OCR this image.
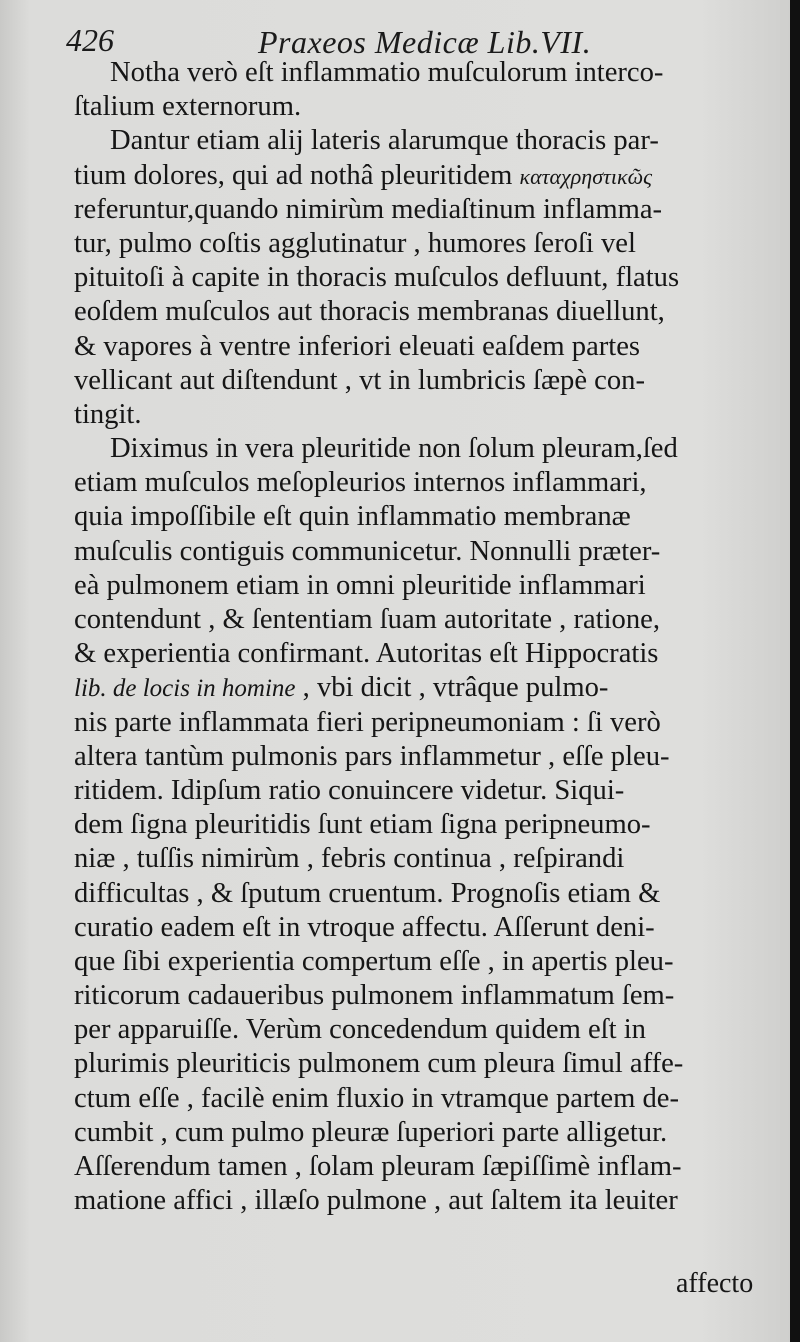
426	Praxeos Medicæ Lib.VII.
Notha verò eſt inflammatio muſculorum interco-
ſtalium externorum.
Dantur etiam alij lateris alarumque thoracis par-
tium dolores, qui ad nothâ pleuritidem καταχρηστικῶς
referuntur,quando nimirùm mediaſtinum inflamma-
tur, pulmo coſtis agglutinatur , humores ſeroſi vel
pituitoſi à capite in thoracis muſculos defluunt, flatus
eoſdem muſculos aut thoracis membranas diuellunt,
& vapores à ventre inferiori eleuati eaſdem partes
vellicant aut diſtendunt , vt in lumbricis ſæpè con-
tingit.
Diximus in vera pleuritide non ſolum pleuram,ſed
etiam muſculos meſopleurios internos inflammari,
quia impoſſibile eſt quin inflammatio membranæ
muſculis contiguis communicetur. Nonnulli præter-
eà pulmonem etiam in omni pleuritide inflammari
contendunt , & ſententiam ſuam autoritate , ratione,
& experientia confirmant. Autoritas eſt Hippocratis
lib. de locis in homine , vbi dicit , vtrâque pulmo-
nis parte inflammata fieri peripneumoniam : ſi verò
altera tantùm pulmonis pars inflammetur , eſſe pleu-
ritidem. Idipſum ratio conuincere videtur. Siqui-
dem ſigna pleuritidis ſunt etiam ſigna peripneumo-
niæ , tuſſis nimirùm , febris continua , reſpirandi
difficultas , & ſputum cruentum. Prognoſis etiam &
curatio eadem eſt in vtroque affectu. Aſſerunt deni-
que ſibi experientia compertum eſſe , in apertis pleu-
riticorum cadaueribus pulmonem inflammatum ſem-
per apparuiſſe. Verùm concedendum quidem eſt in
plurimis pleuriticis pulmonem cum pleura ſimul affe-
ctum eſſe , facilè enim fluxio in vtramque partem de-
cumbit , cum pulmo pleuræ ſuperiori parte alligetur.
Aſſerendum tamen , ſolam pleuram ſæpiſſimè inflam-
matione affici , illæſo pulmone , aut ſaltem ita leuiter
affecto
